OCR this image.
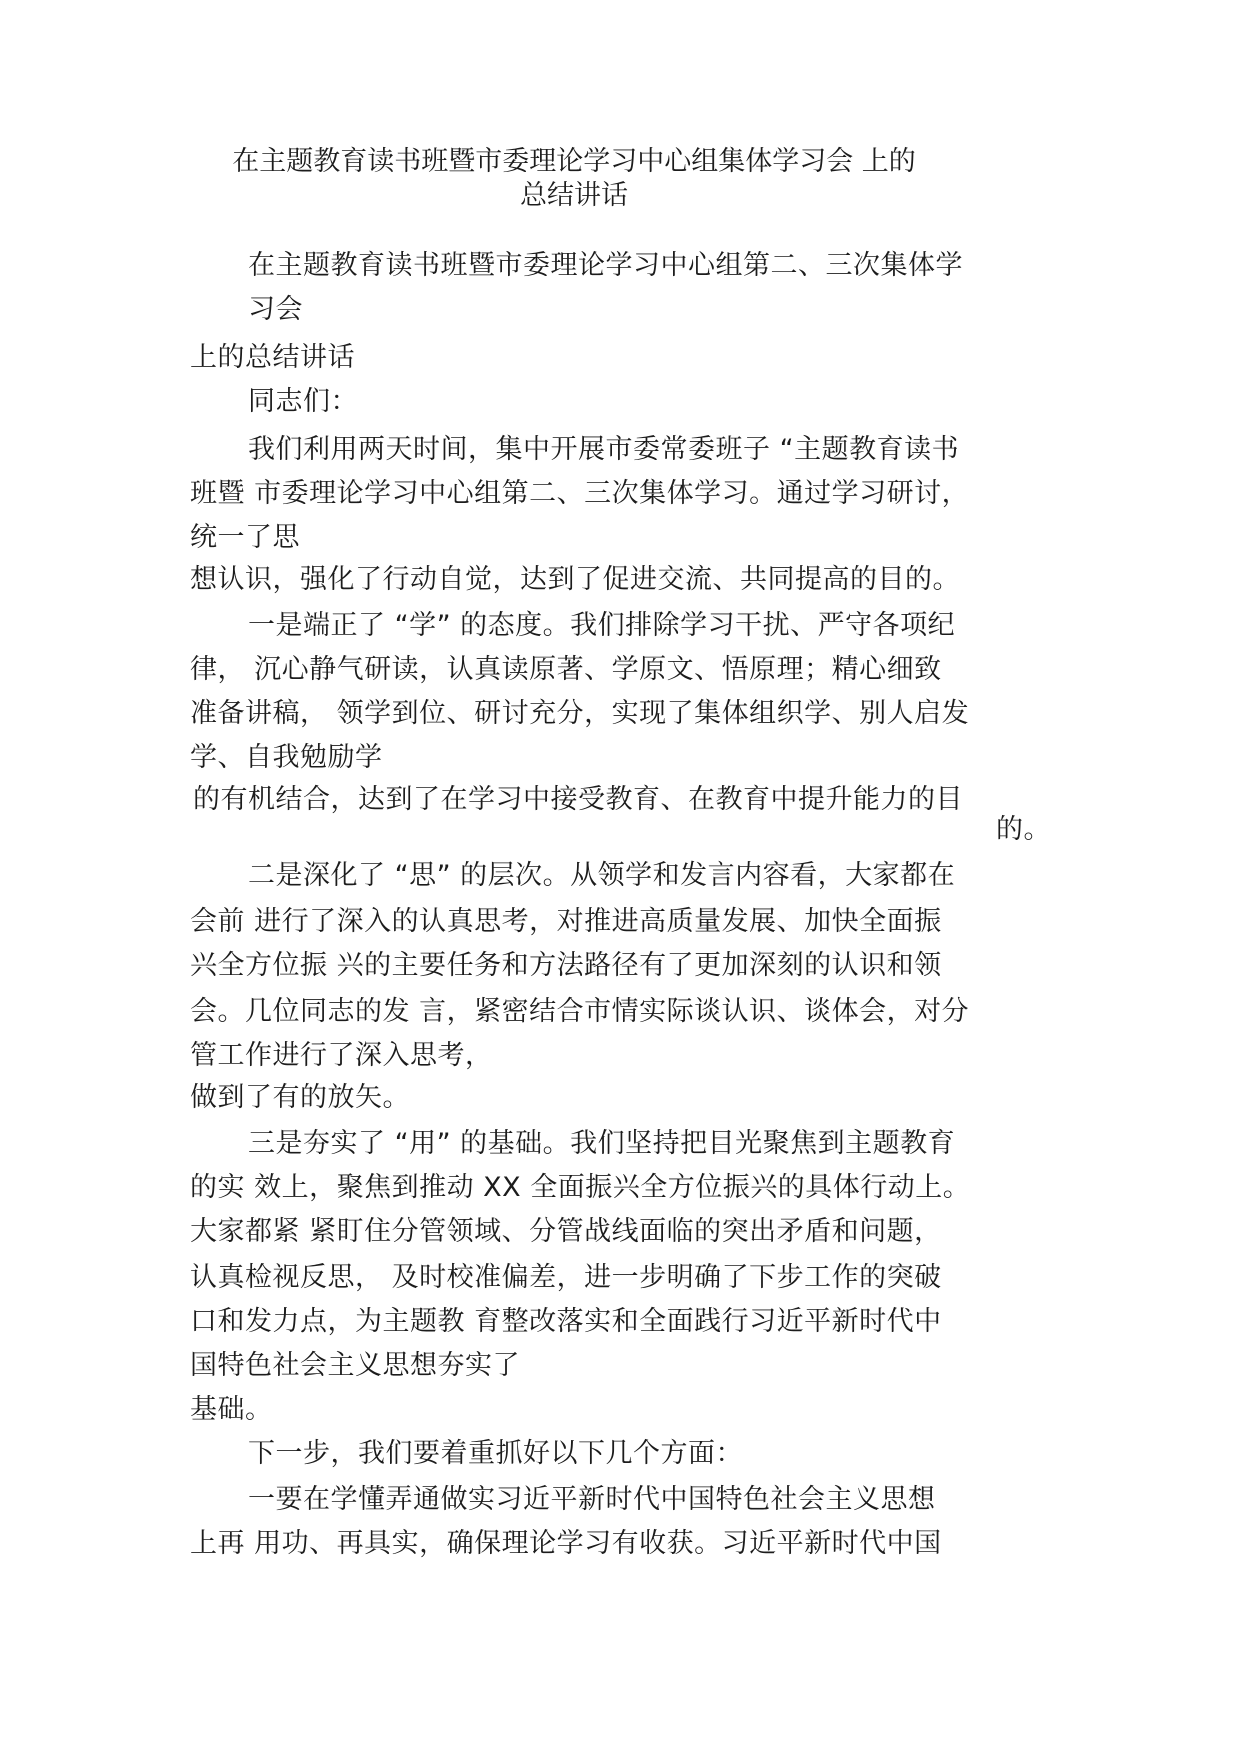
在主题教育读书班暨市委理论学习中心组集体学习会 上的
总结讲话
在主题教育读书班暨市委理论学习中心组第二、三次集体学
习会
上的总结讲话
同志们：
我们利用两天时间，集中开展市委常委班子 “主题教育读书
班暨 市委理论学习中心组第二、三次集体学习。通过学习研讨，
统一了思
想认识，强化了行动自觉，达到了促进交流、共同提高的目的。
一是端正了 “学” 的态度。我们排除学习干扰、严守各项纪
律， 沉心静气研读，认真读原著、学原文、悟原理；精心细致
准备讲稿， 领学到位、研讨充分，实现了集体组织学、别人启发
学、自我勉励学
的有机结合，达到了在学习中接受教育、在教育中提升能力的目
的。
二是深化了 “思” 的层次。从领学和发言内容看，大家都在
会前 进行了深入的认真思考，对推进高质量发展、加快全面振
兴全方位振 兴的主要任务和方法路径有了更加深刻的认识和领
会。几位同志的发 言，紧密结合市情实际谈认识、谈体会，对分
管工作进行了深入思考，
做到了有的放矢。
三是夯实了 “用” 的基础。我们坚持把目光聚焦到主题教育
的实 效上，聚焦到推动 XX 全面振兴全方位振兴的具体行动上。
大家都紧 紧盯住分管领域、分管战线面临的突出矛盾和问题，
认真检视反思， 及时校准偏差，进一步明确了下步工作的突破
口和发力点，为主题教 育整改落实和全面践行习近平新时代中
国特色社会主义思想夯实了
基础。
下一步，我们要着重抓好以下几个方面：
一要在学懂弄通做实习近平新时代中国特色社会主义思想
上再 用功、再具实，确保理论学习有收获。习近平新时代中国
